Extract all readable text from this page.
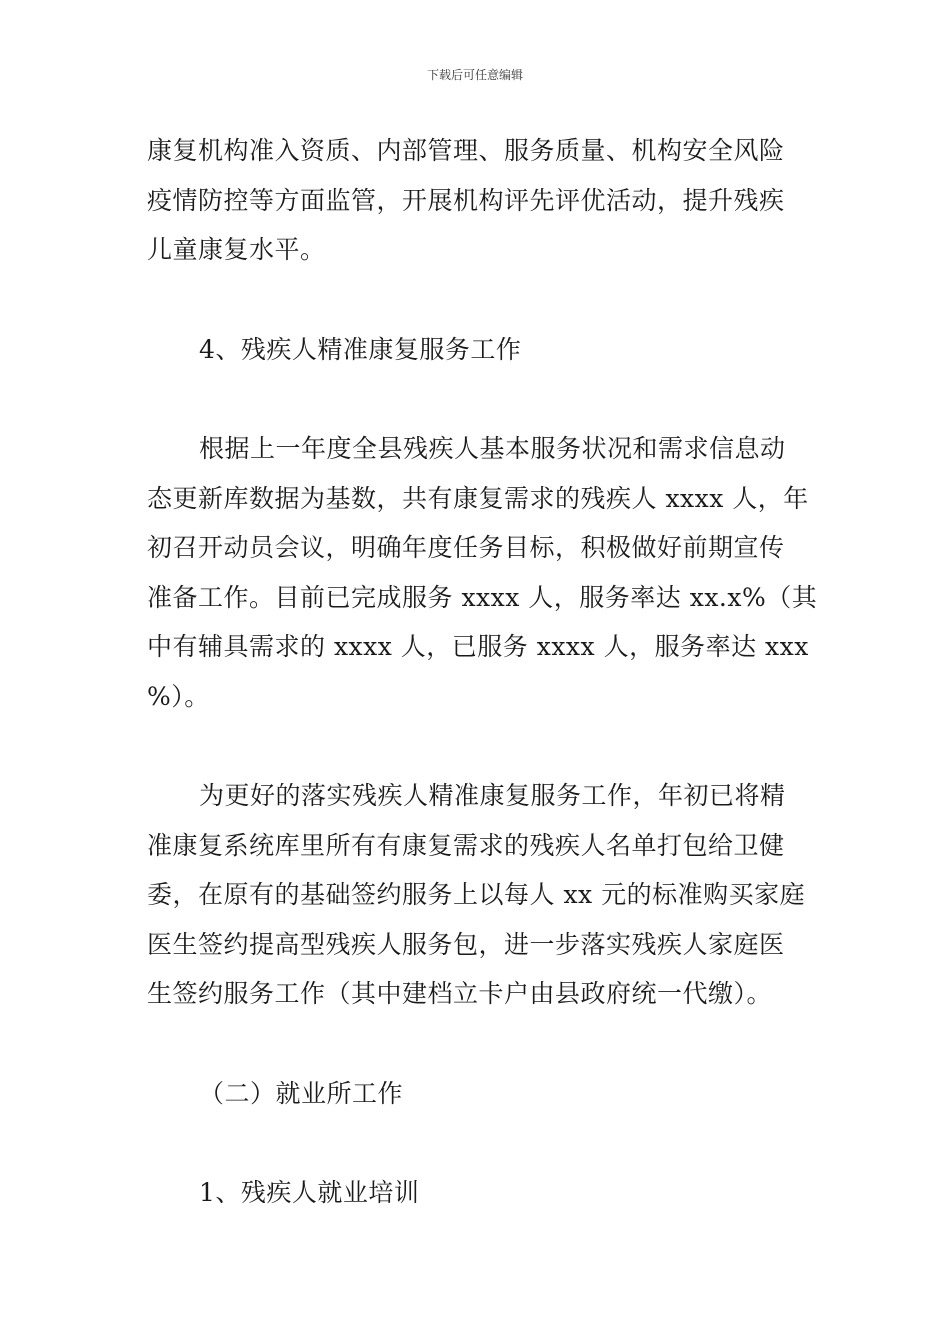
下载后可任意编辑
康复机构准入资质、内部管理、服务质量、机构安全风险
疫情防控等方面监管，开展机构评先评优活动，提升残疾
儿童康复水平。
4、残疾人精准康复服务工作
根据上一年度全县残疾人基本服务状况和需求信息动
态更新库数据为基数，共有康复需求的残疾人 xxxx 人，年
初召开动员会议，明确年度任务目标，积极做好前期宣传
准备工作。目前已完成服务 xxxx 人，服务率达 xx.x%（其
中有辅具需求的 xxxx 人，已服务 xxxx 人，服务率达 xxx
%）。
为更好的落实残疾人精准康复服务工作，年初已将精
准康复系统库里所有有康复需求的残疾人名单打包给卫健
委，在原有的基础签约服务上以每人 xx 元的标准购买家庭
医生签约提高型残疾人服务包，进一步落实残疾人家庭医
生签约服务工作（其中建档立卡户由县政府统一代缴）。
（二）就业所工作
1、残疾人就业培训
